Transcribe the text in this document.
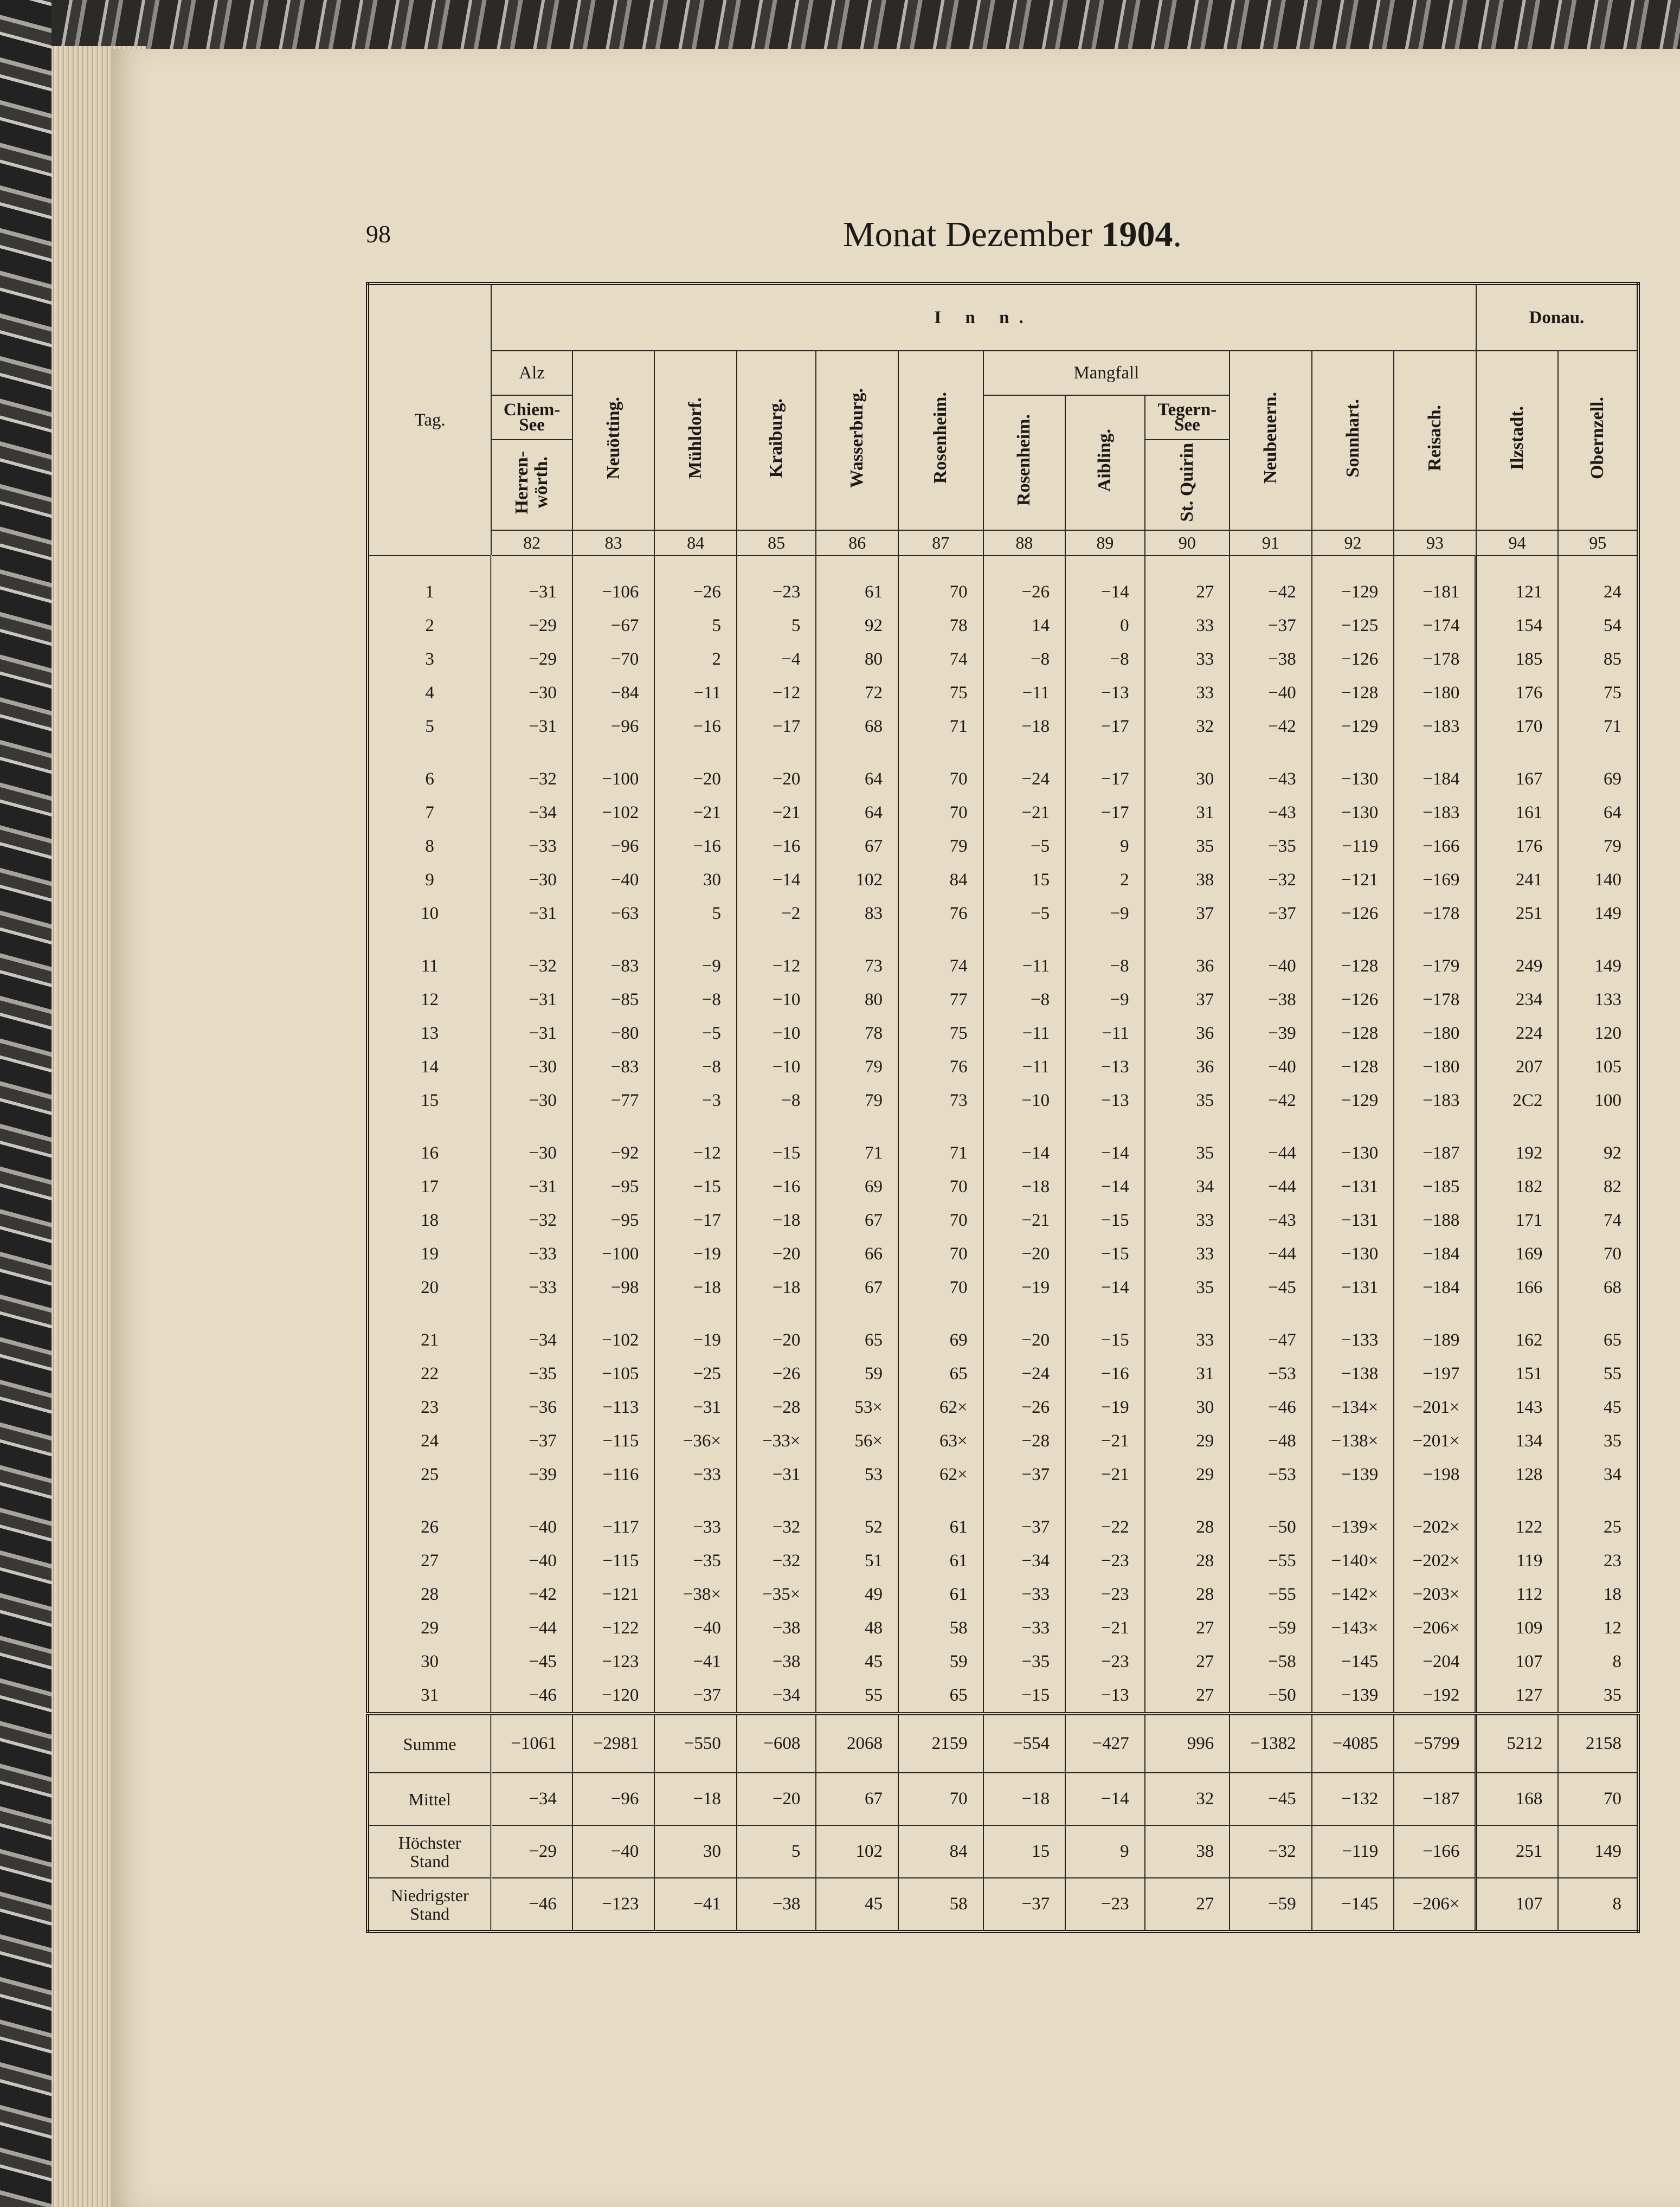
98	Monat Dezember 1904.
Tag.	I n n.												Donau.	
	Alz	Neuötting.	Mühldorf.	Kraiburg.	Wasserburg.	Rosenheim.	Mangfall			Neubeuern.	Sonnhart.	Reisach.	Ilzstadt.	Obernzell.
	Chiem-
See						Rosenheim.	Aibling.	Tegern-
See					
	Herren-
wörth.								St. Quirin					
	82	83	84	85	86	87	88	89	90	91	92	93	94	95

1	−31	−106	−26	−23	61	70	−26	−14	27	−42	−129	−181	121	24
2	−29	−67	5	5	92	78	14	0	33	−37	−125	−174	154	54
3	−29	−70	2	−4	80	74	−8	−8	33	−38	−126	−178	185	85
4	−30	−84	−11	−12	72	75	−11	−13	33	−40	−128	−180	176	75
5	−31	−96	−16	−17	68	71	−18	−17	32	−42	−129	−183	170	71

6	−32	−100	−20	−20	64	70	−24	−17	30	−43	−130	−184	167	69
7	−34	−102	−21	−21	64	70	−21	−17	31	−43	−130	−183	161	64
8	−33	−96	−16	−16	67	79	−5	9	35	−35	−119	−166	176	79
9	−30	−40	30	−14	102	84	15	2	38	−32	−121	−169	241	140
10	−31	−63	5	−2	83	76	−5	−9	37	−37	−126	−178	251	149

11	−32	−83	−9	−12	73	74	−11	−8	36	−40	−128	−179	249	149
12	−31	−85	−8	−10	80	77	−8	−9	37	−38	−126	−178	234	133
13	−31	−80	−5	−10	78	75	−11	−11	36	−39	−128	−180	224	120
14	−30	−83	−8	−10	79	76	−11	−13	36	−40	−128	−180	207	105
15	−30	−77	−3	−8	79	73	−10	−13	35	−42	−129	−183	2C2	100

16	−30	−92	−12	−15	71	71	−14	−14	35	−44	−130	−187	192	92
17	−31	−95	−15	−16	69	70	−18	−14	34	−44	−131	−185	182	82
18	−32	−95	−17	−18	67	70	−21	−15	33	−43	−131	−188	171	74
19	−33	−100	−19	−20	66	70	−20	−15	33	−44	−130	−184	169	70
20	−33	−98	−18	−18	67	70	−19	−14	35	−45	−131	−184	166	68

21	−34	−102	−19	−20	65	69	−20	−15	33	−47	−133	−189	162	65
22	−35	−105	−25	−26	59	65	−24	−16	31	−53	−138	−197	151	55
23	−36	−113	−31	−28	53×	62×	−26	−19	30	−46	−134×	−201×	143	45
24	−37	−115	−36×	−33×	56×	63×	−28	−21	29	−48	−138×	−201×	134	35
25	−39	−116	−33	−31	53	62×	−37	−21	29	−53	−139	−198	128	34

26	−40	−117	−33	−32	52	61	−37	−22	28	−50	−139×	−202×	122	25
27	−40	−115	−35	−32	51	61	−34	−23	28	−55	−140×	−202×	119	23
28	−42	−121	−38×	−35×	49	61	−33	−23	28	−55	−142×	−203×	112	18
29	−44	−122	−40	−38	48	58	−33	−21	27	−59	−143×	−206×	109	12
30	−45	−123	−41	−38	45	59	−35	−23	27	−58	−145	−204	107	8
31	−46	−120	−37	−34	55	65	−15	−13	27	−50	−139	−192	127	35
Summe	−1061	−2981	−550	−608	2068	2159	−554	−427	996	−1382	−4085	−5799	5212	2158
Mittel	−34	−96	−18	−20	67	70	−18	−14	32	−45	−132	−187	168	70
Höchster
Stand	−29	−40	30	5	102	84	15	9	38	−32	−119	−166	251	149
Niedrigster
Stand	−46	−123	−41	−38	45	58	−37	−23	27	−59	−145	−206×	107	8
